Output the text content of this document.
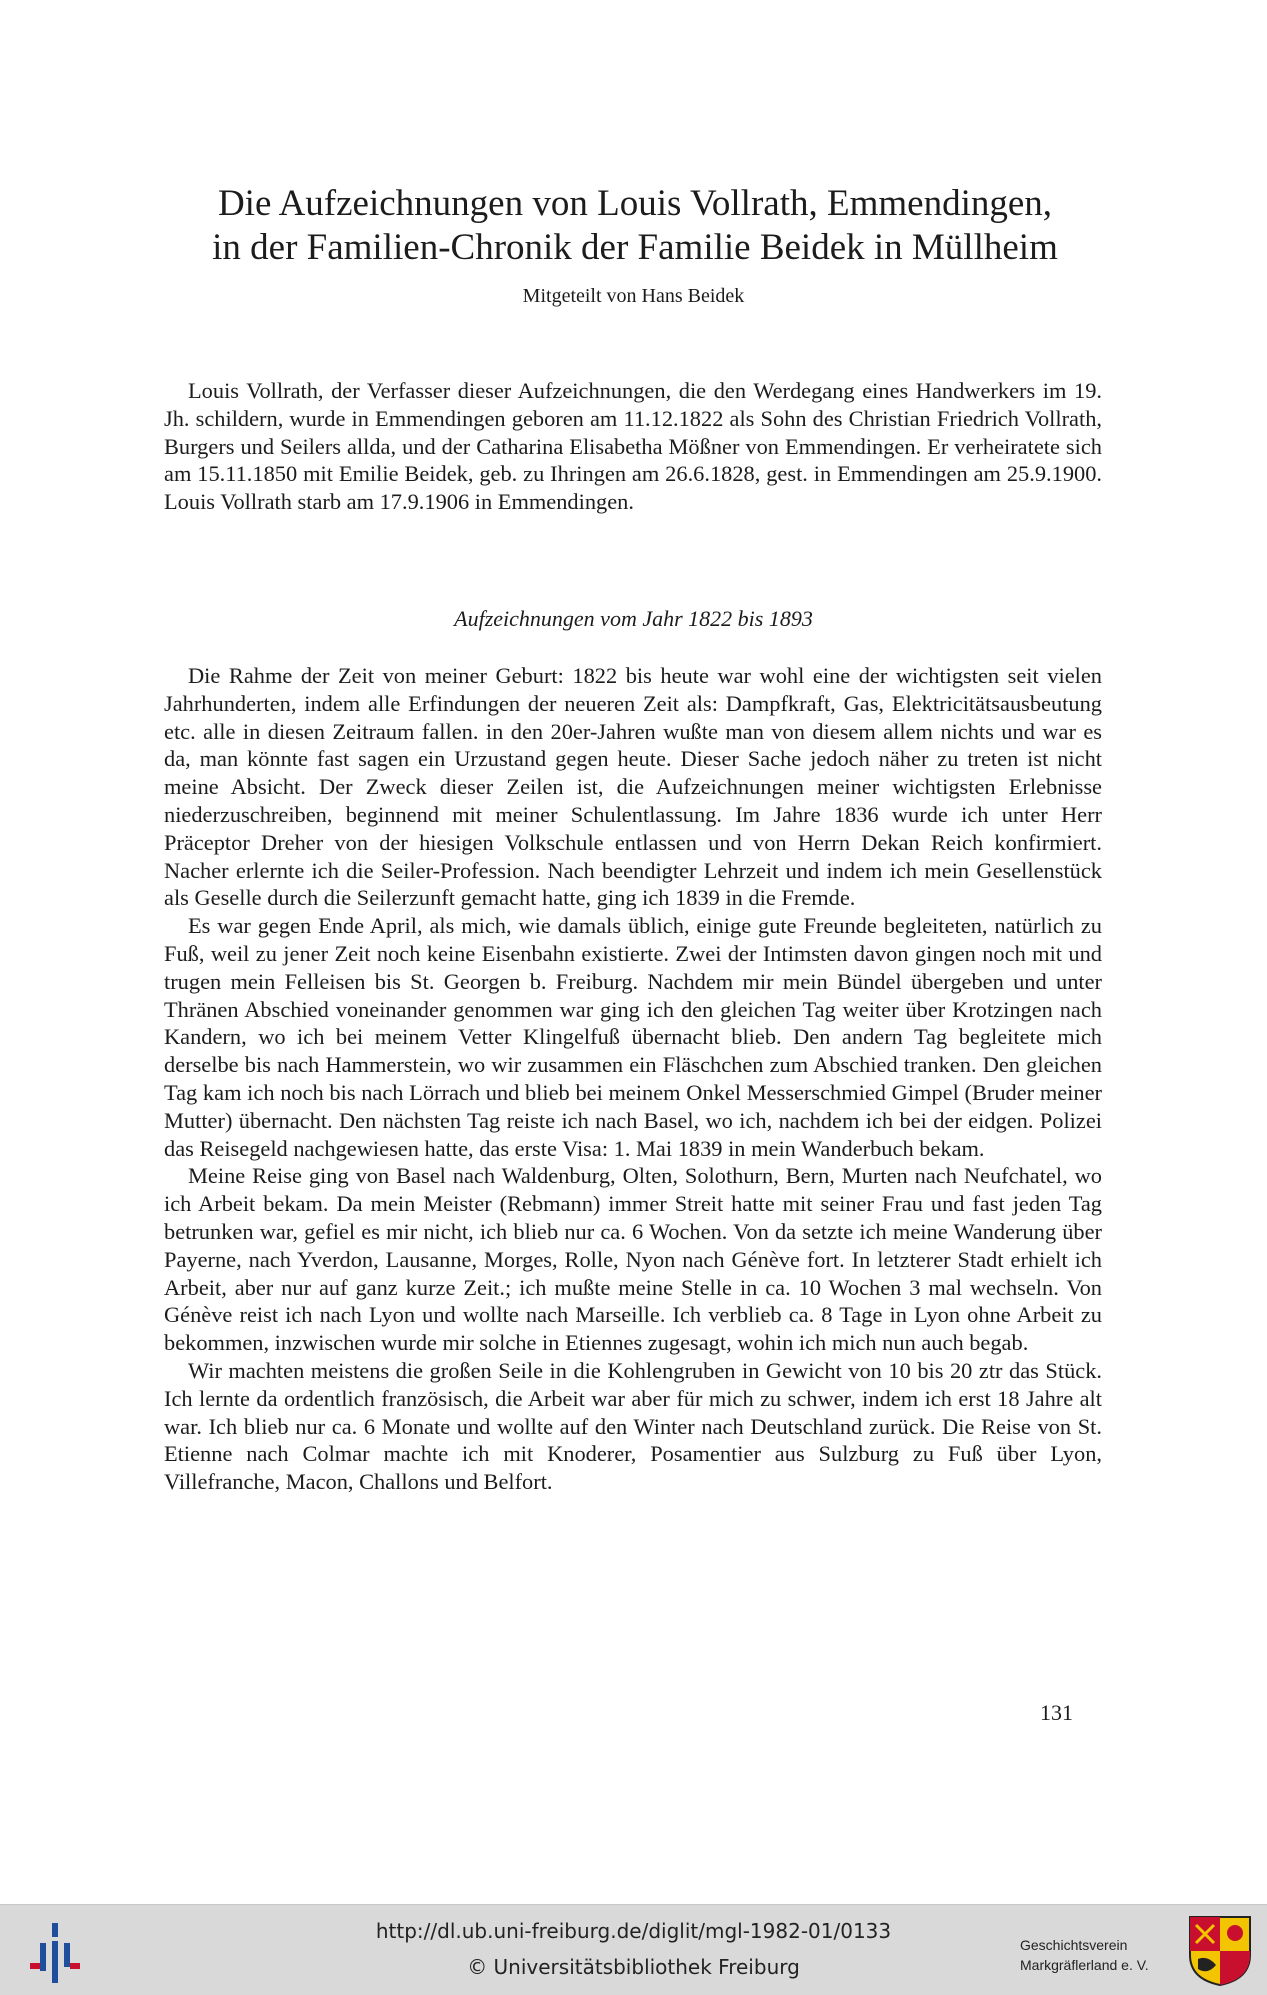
Die Aufzeichnungen von Louis Vollrath, Emmendingen,
in der Familien-Chronik der Familie Beidek in Müllheim
Mitgeteilt von Hans Beidek

Louis Vollrath, der Verfasser dieser Aufzeichnungen, die den Werdegang eines Handwerkers im 19. Jh. schildern, wurde in Emmendingen geboren am 11.12.1822 als Sohn des Christian Friedrich Vollrath, Burgers und Seilers allda, und der Catharina Elisabetha Mößner von Emmendingen. Er verheiratete sich am 15.11.1850 mit Emilie Beidek, geb. zu Ihringen am 26.6.1828, gest. in Emmendingen am 25.9.1900. Louis Vollrath starb am 17.9.1906 in Emmendingen.

Aufzeichnungen vom Jahr 1822 bis 1893

Die Rahme der Zeit von meiner Geburt: 1822 bis heute war wohl eine der wichtigsten seit vielen Jahrhunderten, indem alle Erfindungen der neueren Zeit als: Dampfkraft, Gas, Elektricitätsausbeutung etc. alle in diesen Zeitraum fallen. in den 20er-Jahren wußte man von diesem allem nichts und war es da, man könnte fast sagen ein Urzustand gegen heute. Dieser Sache jedoch näher zu treten ist nicht meine Absicht. Der Zweck dieser Zeilen ist, die Aufzeichnungen meiner wichtigsten Erlebnisse niederzuschreiben, beginnend mit meiner Schulentlassung. Im Jahre 1836 wurde ich unter Herr Präceptor Dreher von der hiesigen Volkschule entlassen und von Herrn Dekan Reich konfirmiert. Nacher erlernte ich die Seiler-Profession. Nach beendigter Lehrzeit und indem ich mein Gesellenstück als Geselle durch die Seilerzunft gemacht hatte, ging ich 1839 in die Fremde.

Es war gegen Ende April, als mich, wie damals üblich, einige gute Freunde begleiteten, natürlich zu Fuß, weil zu jener Zeit noch keine Eisenbahn existierte. Zwei der Intimsten davon gingen noch mit und trugen mein Felleisen bis St. Georgen b. Freiburg. Nachdem mir mein Bündel übergeben und unter Thränen Abschied voneinander genommen war ging ich den gleichen Tag weiter über Krotzingen nach Kandern, wo ich bei meinem Vetter Klingelfuß übernacht blieb. Den andern Tag begleitete mich derselbe bis nach Hammerstein, wo wir zusammen ein Fläschchen zum Abschied tranken. Den gleichen Tag kam ich noch bis nach Lörrach und blieb bei meinem Onkel Messerschmied Gimpel (Bruder meiner Mutter) übernacht. Den nächsten Tag reiste ich nach Basel, wo ich, nachdem ich bei der eidgen. Polizei das Reisegeld nachgewiesen hatte, das erste Visa: 1. Mai 1839 in mein Wanderbuch bekam.

Meine Reise ging von Basel nach Waldenburg, Olten, Solothurn, Bern, Murten nach Neufchatel, wo ich Arbeit bekam. Da mein Meister (Rebmann) immer Streit hatte mit seiner Frau und fast jeden Tag betrunken war, gefiel es mir nicht, ich blieb nur ca. 6 Wochen. Von da setzte ich meine Wanderung über Payerne, nach Yverdon, Lausanne, Morges, Rolle, Nyon nach Génève fort. In letzterer Stadt erhielt ich Arbeit, aber nur auf ganz kurze Zeit.; ich mußte meine Stelle in ca. 10 Wochen 3 mal wechseln. Von Génève reist ich nach Lyon und wollte nach Marseille. Ich verblieb ca. 8 Tage in Lyon ohne Arbeit zu bekommen, inzwischen wurde mir solche in Etiennes zugesagt, wohin ich mich nun auch begab.

Wir machten meistens die großen Seile in die Kohlengruben in Gewicht von 10 bis 20 ztr das Stück. Ich lernte da ordentlich französisch, die Arbeit war aber für mich zu schwer, indem ich erst 18 Jahre alt war. Ich blieb nur ca. 6 Monate und wollte auf den Winter nach Deutschland zurück. Die Reise von St. Etienne nach Colmar machte ich mit Knoderer, Posamentier aus Sulzburg zu Fuß über Lyon, Villefranche, Macon, Challons und Belfort.

131
http://dl.ub.uni-freiburg.de/diglit/mgl-1982-01/0133
© Universitätsbibliothek Freiburg
Geschichtsverein
Markgräflerland e. V.
